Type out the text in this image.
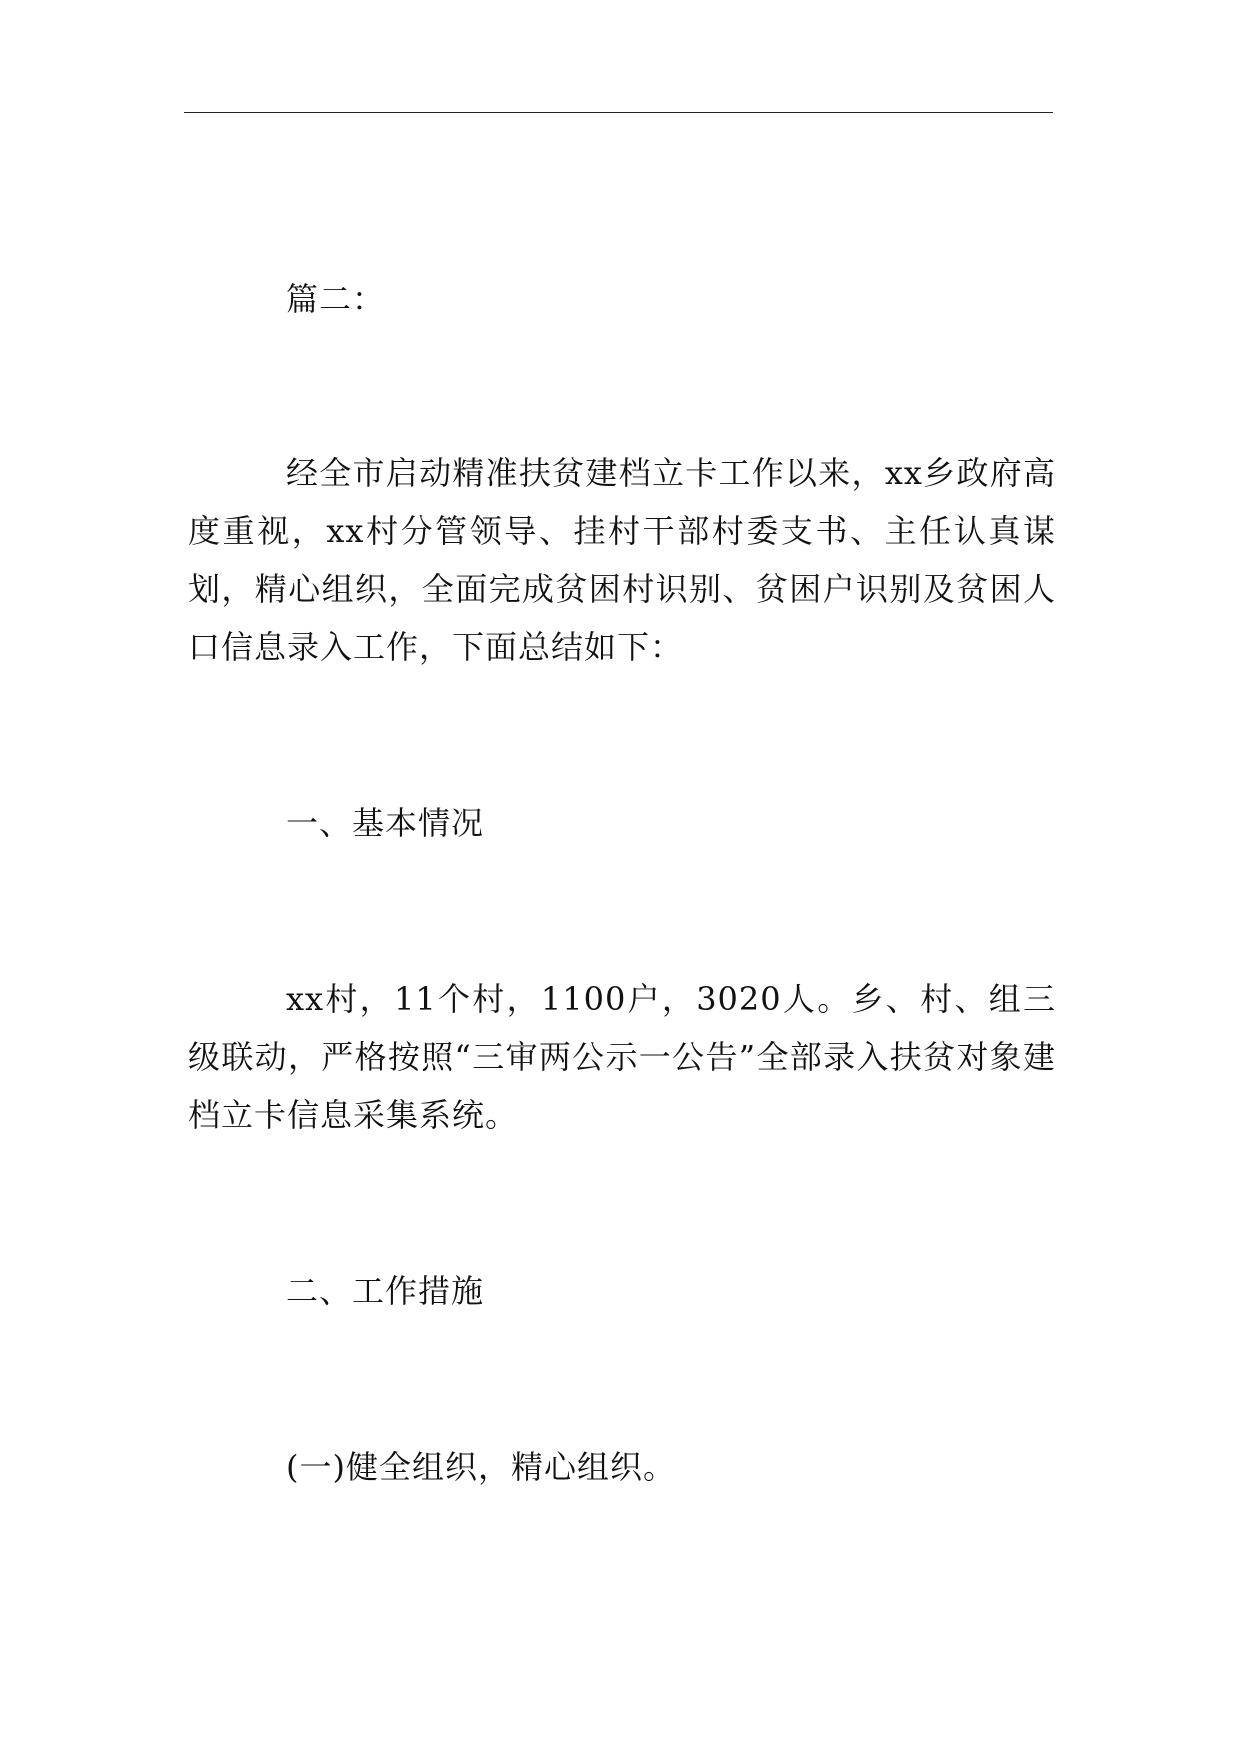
篇二：

经全市启动精准扶贫建档立卡工作以来，xx乡政府高度重视，xx村分管领导、挂村干部村委支书、主任认真谋划，精心组织，全面完成贫困村识别、贫困户识别及贫困人口信息录入工作，下面总结如下：

一、基本情况

xx村，11个村，1100户，3020人。乡、村、组三级联动，严格按照“三审两公示一公告”全部录入扶贫对象建档立卡信息采集系统。

二、工作措施

(一)健全组织，精心组织。
